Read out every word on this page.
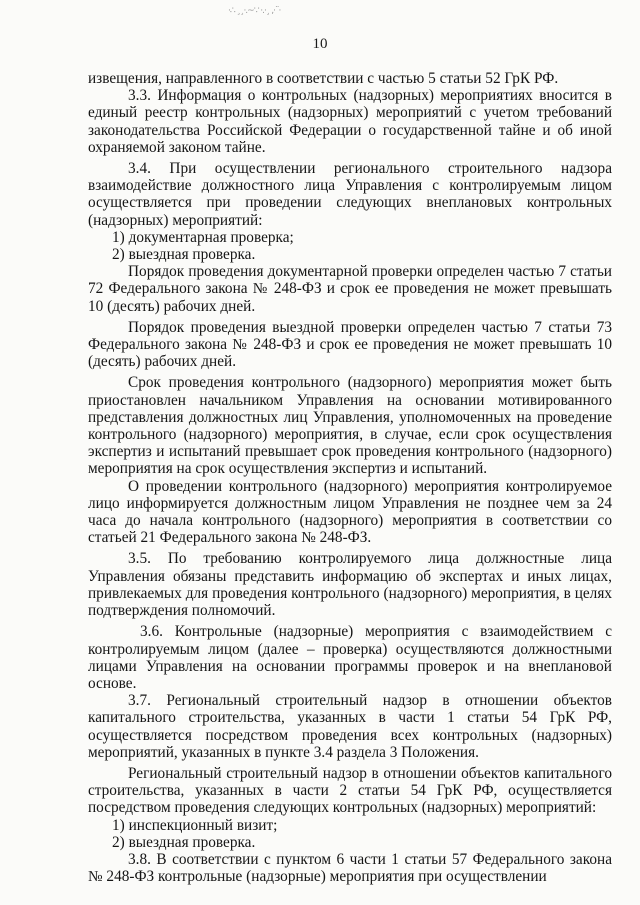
·∴ ¸¸·.~∵ ·.·¸ ,·¨·
10

извещения, направленного в соответствии с частью 5 статьи 52 ГрК РФ.

3.3. Информация о контрольных (надзорных) мероприятиях вносится в единый реестр контрольных (надзорных) мероприятий с учетом требований законодательства Российской Федерации о государственной тайне и об иной охраняемой законом тайне.

3.4. При осуществлении регионального строительного надзора взаимодействие должностного лица Управления с контролируемым лицом осуществляется при проведении следующих внеплановых контрольных (надзорных) мероприятий:

1) документарная проверка;

2) выездная проверка.

Порядок проведения документарной проверки определен частью 7 статьи 72 Федерального закона № 248-ФЗ и срок ее проведения не может превышать 10 (десять) рабочих дней.

Порядок проведения выездной проверки определен частью 7 статьи 73 Федерального закона № 248-ФЗ и срок ее проведения не может превышать 10 (десять) рабочих дней.

Срок проведения контрольного (надзорного) мероприятия может быть приостановлен начальником Управления на основании мотивированного представления должностных лиц Управления, уполномоченных на проведение контрольного (надзорного) мероприятия, в случае, если срок осуществления экспертиз и испытаний превышает срок проведения контрольного (надзорного) мероприятия на срок осуществления экспертиз и испытаний.

О проведении контрольного (надзорного) мероприятия контролируемое лицо информируется должностным лицом Управления не позднее чем за 24 часа до начала контрольного (надзорного) мероприятия в соответствии со статьей 21 Федерального закона № 248-ФЗ.

3.5. По требованию контролируемого лица должностные лица Управления обязаны представить информацию об экспертах и иных лицах, привлекаемых для проведения контрольного (надзорного) мероприятия, в целях подтверждения полномочий.

3.6. Контрольные (надзорные) мероприятия с взаимодействием с контролируемым лицом (далее – проверка) осуществляются должностными лицами Управления на основании программы проверок и на внеплановой основе.

3.7. Региональный строительный надзор в отношении объектов капитального строительства, указанных в части 1 статьи 54 ГрК РФ, осуществляется посредством проведения всех контрольных (надзорных) мероприятий, указанных в пункте 3.4 раздела 3 Положения.

Региональный строительный надзор в отношении объектов капитального строительства, указанных в части 2 статьи 54 ГрК РФ, осуществляется посредством проведения следующих контрольных (надзорных) мероприятий:

1) инспекционный визит;

2) выездная проверка.

3.8. В соответствии с пунктом 6 части 1 статьи 57 Федерального закона № 248-ФЗ контрольные (надзорные) мероприятия при осуществлении
